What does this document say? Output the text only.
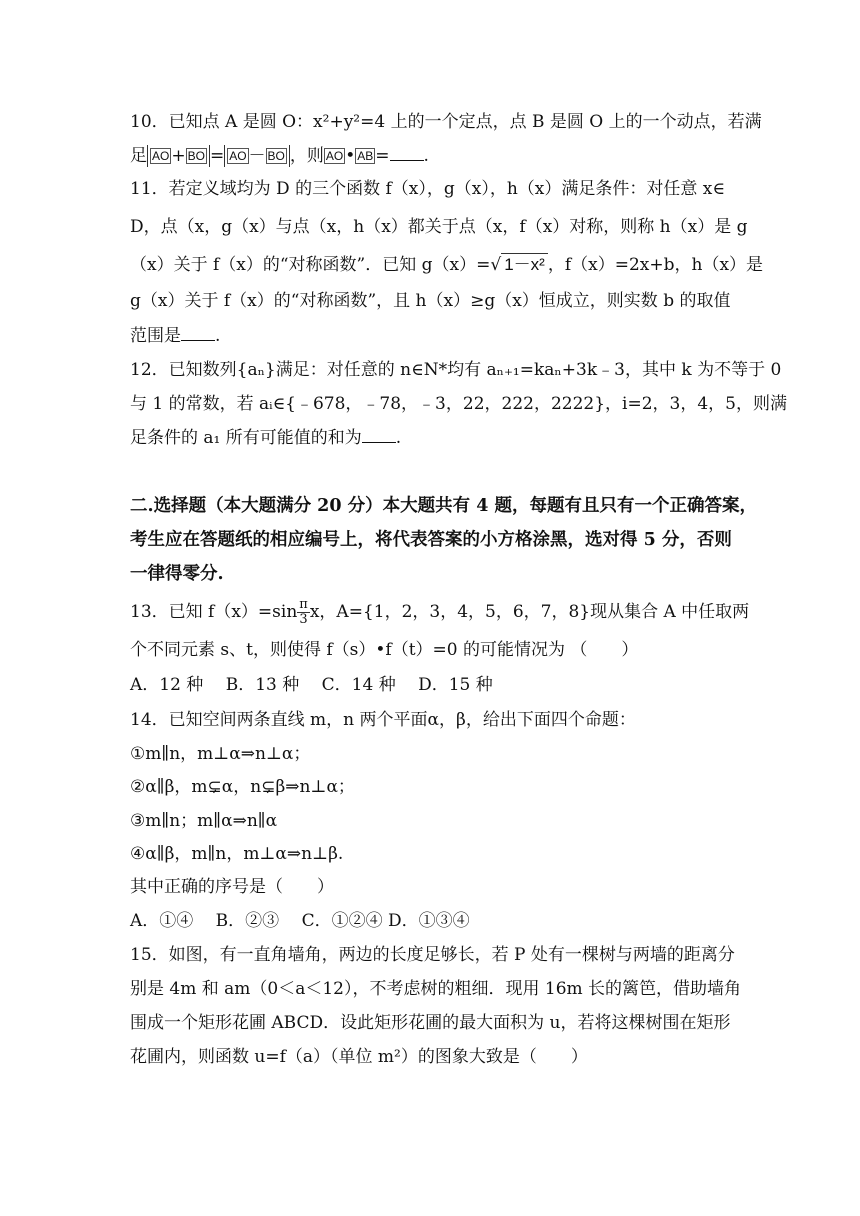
10．已知点 A 是圆 O：x²+y²=4 上的一个定点，点 B 是圆 O 上的一个动点，若满
足 AO + BO = AO － BO ，则 AO • AB = .
11．若定义域均为 D 的三个函数 f（x），g（x），h（x）满足条件：对任意 x∈
D，点（x，g（x）与点（x，h（x）都关于点（x，f（x）对称，则称 h（x）是 g
（x）关于 f（x）的“对称函数”．已知 g（x）=√ 1－x² ，f（x）=2x+b，h（x）是
g（x）关于 f（x）的“对称函数”，且 h（x）≥g（x）恒成立，则实数 b 的取值
范围是 .
12．已知数列{aₙ}满足：对任意的 n∈N*均有 aₙ₊₁=kaₙ+3k﹣3，其中 k 为不等于 0
与 1 的常数，若 aᵢ∈{﹣678，﹣78，﹣3，22，222，2222}，i=2，3，4，5，则满
足条件的 a₁ 所有可能值的和为 .
二.选择题（本大题满分 20 分）本大题共有 4 题，每题有且只有一个正确答案，
考生应在答题纸的相应编号上，将代表答案的小方格涂黑，选对得 5 分，否则
一律得零分.
13．已知 $f(x)=\sin \frac{\pi}{3}$ x，A={1，2，3，4，5，6，7，8}现从集合 A 中任取两
个不同元素 s、t，则使得 f（s）•f（t）=0 的可能情况为 （　　）
A．12 种　 B．13 种　 C．14 种　 D．15 种
14．已知空间两条直线 m，n 两个平面α，β，给出下面四个命题：
①m∥n，m⊥α⇒n⊥α；
②α∥β，m⊊α，n⊊β⇒n⊥α；
③m∥n；m∥α⇒n∥α
④α∥β，m∥n，m⊥α⇒n⊥β.
其中正确的序号是（　　）
A．①④　 B．②③　 C．①②④ D．①③④
15．如图，有一直角墙角，两边的长度足够长，若 P 处有一棵树与两墙的距离分
别是 4m 和 am（0＜a＜12），不考虑树的粗细．现用 16m 长的篱笆，借助墙角
围成一个矩形花圃 ABCD．设此矩形花圃的最大面积为 u，若将这棵树围在矩形
花圃内，则函数 u=f（a）（单位 m²）的图象大致是（　　）
